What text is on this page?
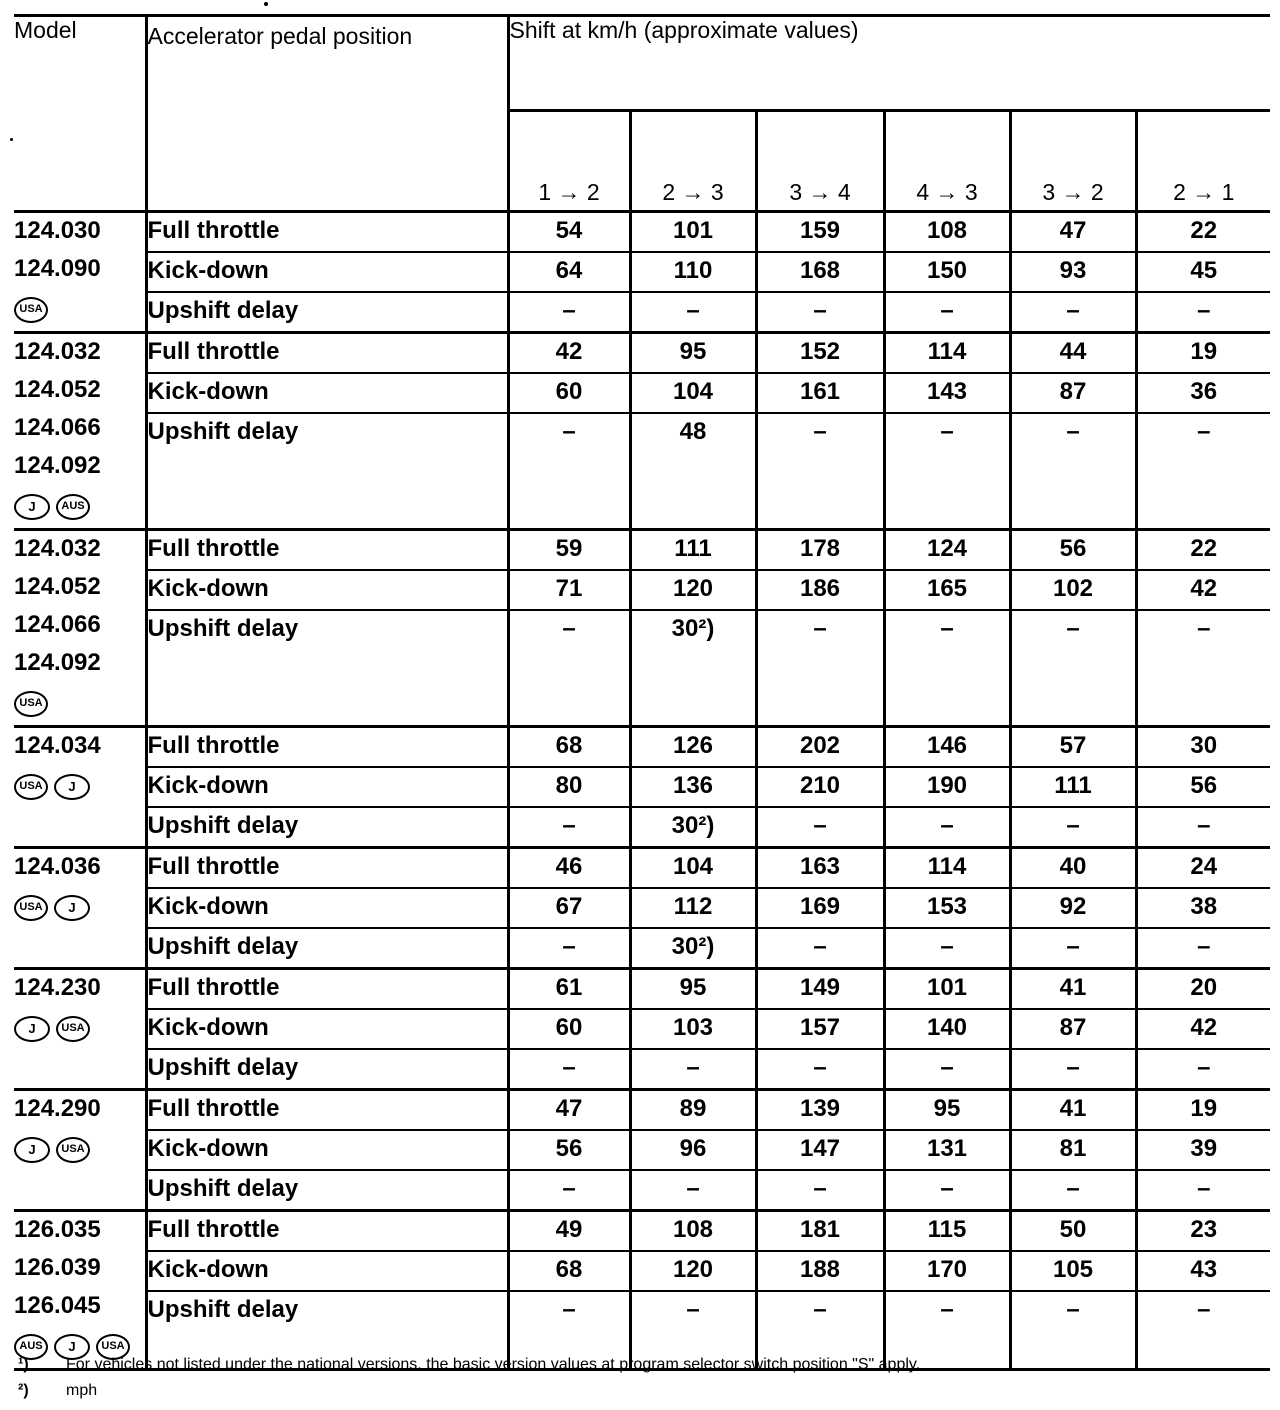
Model	Accelerator pedal position	Shift at km/h (approximate values)					
		1 → 2	2 → 3	3 → 4	4 → 3	3 → 2	2 → 1

124.030
124.090
USA	Full throttle	54	101	159	108	47	22
	Kick-down	64	110	168	150	93	45
	Upshift delay	–	–	–	–	–	–

124.032
124.052
124.066
124.092
J AUS	Full throttle	42	95	152	114	44	19
	Kick-down	60	104	161	143	87	36
	Upshift delay	–	48	–	–	–	–

124.032
124.052
124.066
124.092
USA	Full throttle	59	111	178	124	56	22
	Kick-down	71	120	186	165	102	42
	Upshift delay	–	30²)	–	–	–	–

124.034
USA J	Full throttle	68	126	202	146	57	30
	Kick-down	80	136	210	190	111	56
	Upshift delay	–	30²)	–	–	–	–

124.036
USA J	Full throttle	46	104	163	114	40	24
	Kick-down	67	112	169	153	92	38
	Upshift delay	–	30²)	–	–	–	–

124.230
J USA	Full throttle	61	95	149	101	41	20
	Kick-down	60	103	157	140	87	42
	Upshift delay	–	–	–	–	–	–

124.290
J USA	Full throttle	47	89	139	95	41	19
	Kick-down	56	96	147	131	81	39
	Upshift delay	–	–	–	–	–	–

126.035
126.039
126.045
AUS J USA	Full throttle	49	108	181	115	50	23
	Kick-down	68	120	188	170	105	43
	Upshift delay	–	–	–	–	–	–
¹)	For vehicles not listed under the national versions, the basic version values at program selector switch position "S" apply.
²)	mph
